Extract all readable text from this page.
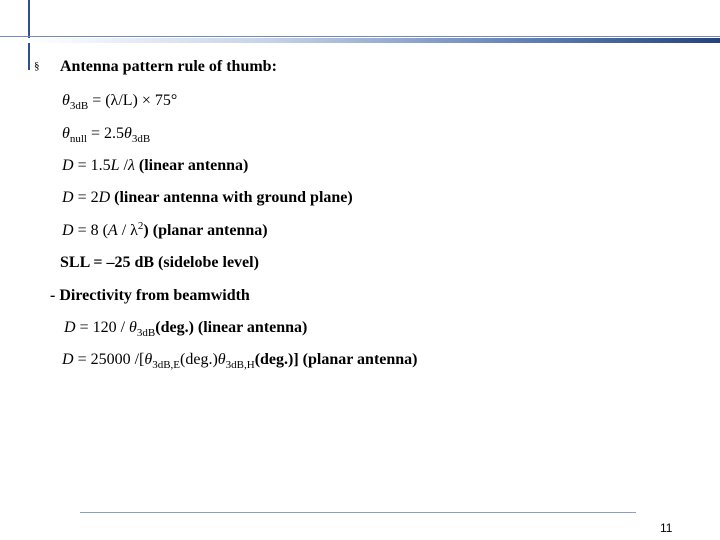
§ Antenna pattern rule of thumb:
$\theta_{3dB} = (\lambda/L) \times 75^\circ$
$\theta_{null} = 2.5\theta_{3dB}$
D = 1.5L /λ (linear antenna)
D = 2D (linear antenna with ground plane)
D = 8 $(A / \lambda^2)$ (planar antenna)
SLL = –25 dB (sidelobe level)
- Directivity from beamwidth
$D = 120 / \theta_{3dB}(deg.)$ (linear antenna)
D = 25000 $/[\theta_{3dB,E}(deg.)\theta_{3dB,H}(deg.)]$ (planar antenna)
11
